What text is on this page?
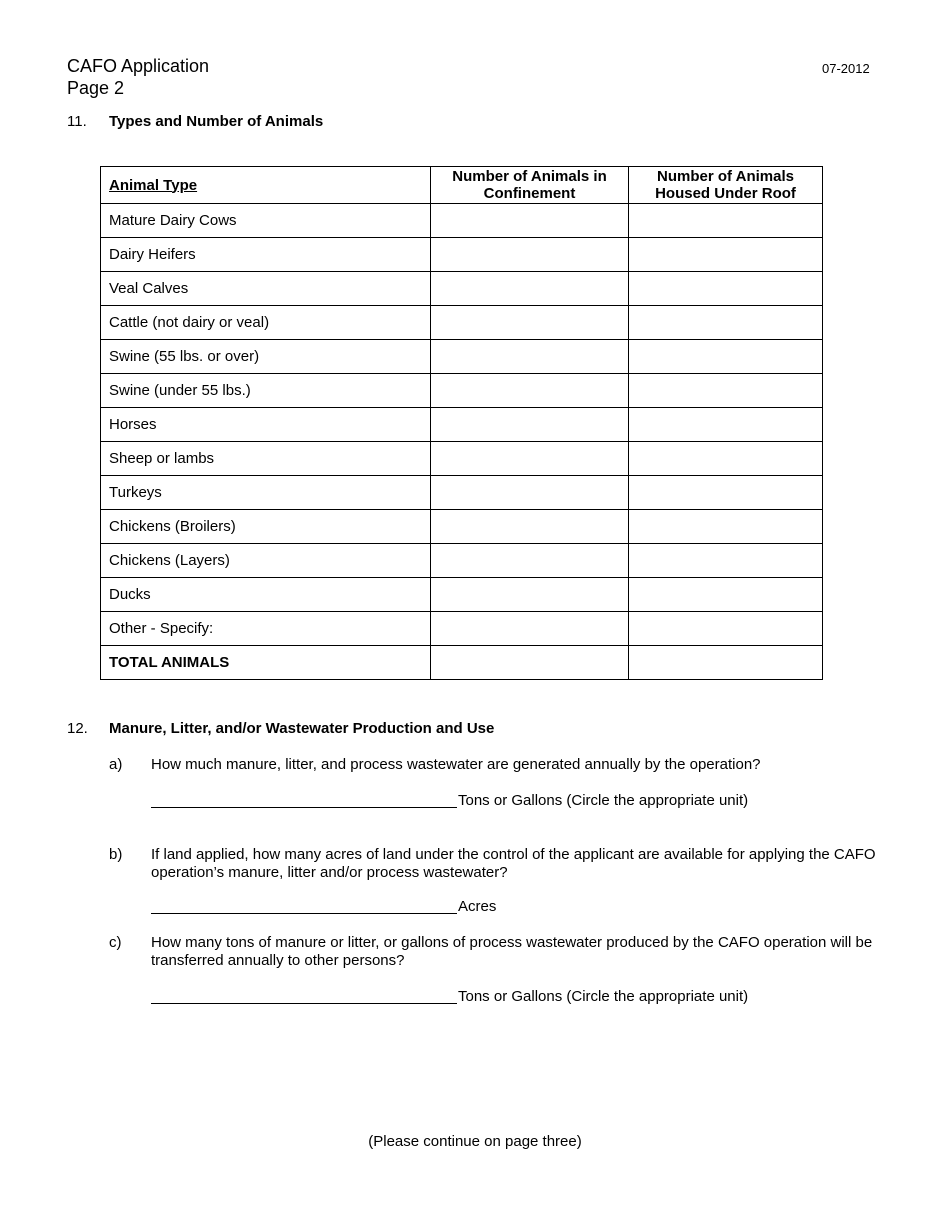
CAFO Application
Page 2
07-2012
11. Types and Number of Animals
Animal Type	Number of Animals in Confinement	Number of Animals Housed Under Roof
Mature Dairy Cows		
Dairy Heifers		
Veal Calves		
Cattle (not dairy or veal)		
Swine (55 lbs. or over)		
Swine (under 55 lbs.)		
Horses		
Sheep or lambs		
Turkeys		
Chickens (Broilers)		
Chickens (Layers)		
Ducks		
Other - Specify:		
TOTAL ANIMALS		
12. Manure, Litter, and/or Wastewater Production and Use
a) How much manure, litter, and process wastewater are generated annually by the operation?
Tons or Gallons (Circle the appropriate unit)
b) If land applied, how many acres of land under the control of the applicant are available for applying the CAFO operation’s manure, litter and/or process wastewater?
Acres
c) How many tons of manure or litter, or gallons of process wastewater produced by the CAFO operation will be transferred annually to other persons?
Tons or Gallons (Circle the appropriate unit)
(Please continue on page three)
